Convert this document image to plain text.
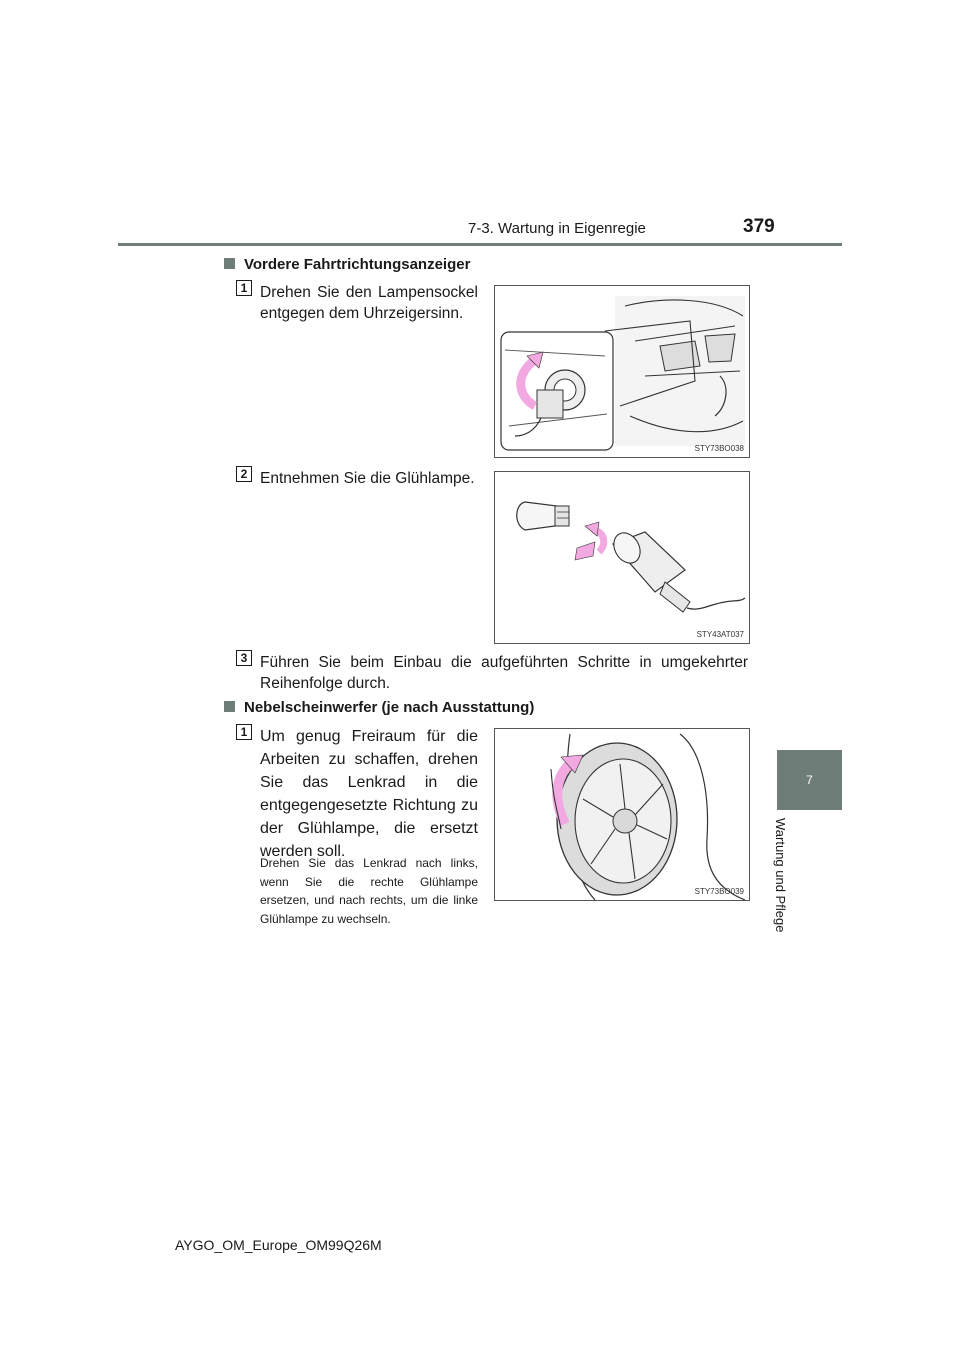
7-3. Wartung in Eigenregie	379
7
Wartung und Pflege
Vordere Fahrtrichtungsanzeiger
1 Drehen Sie den Lampensockel entgegen dem Uhrzeigersinn.
STY73BO038
2 Entnehmen Sie die Glühlampe.
STY43AT037
3 Führen Sie beim Einbau die aufgeführten Schritte in umgekehrter Reihenfolge durch.
Nebelscheinwerfer (je nach Ausstattung)
1 Um genug Freiraum für die Arbeiten zu schaffen, drehen Sie das Lenkrad in die entgegengesetzte Richtung zu der Glühlampe, die ersetzt werden soll.
Drehen Sie das Lenkrad nach links, wenn Sie die rechte Glühlampe ersetzen, und nach rechts, um die linke Glühlampe zu wechseln.
STY73BO039
AYGO_OM_Europe_OM99Q26M
